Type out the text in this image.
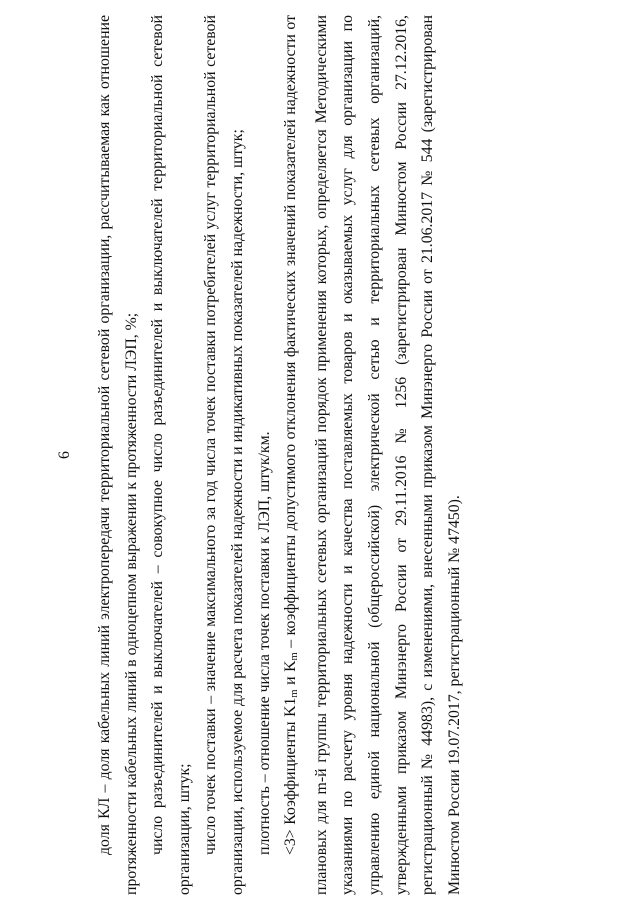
6	доля КЛ – доля кабельных линий электропередачи территориальной сетевой организации, рассчитываемая как отношение протяженности кабельных линий в одноцепном выражении к протяженности ЛЭП, %; число разъединителей и выключателей – совокупное число разъединителей и выключателей территориальной сетевой организации, штук; число точек поставки – значение максимального за год числа точек поставки потребителей услуг территориальной сетевой организации, используемое для расчета показателей надежности и индикативных показателей надежности, штук; плотность – отношение числа точек поставки к ЛЭП, штук/км. <3> Коэффициенты K1m и Km – коэффициенты допустимого отклонения фактических значений показателей надежности от плановых для m-й группы территориальных сетевых организаций порядок применения которых, определяется Методическими указаниями по расчету уровня надежности и качества поставляемых товаров и оказываемых услуг для организации по управлению единой национальной (общероссийской) электрической сетью и территориальных сетевых организаций, утвержденными приказом Минэнерго России от 29.11.2016 № 1256 (зарегистрирован Минюстом России 27.12.2016, регистрационный № 44983), с изменениями, внесенными приказом Минэнерго России от 21.06.2017 № 544 (зарегистрирован Минюстом России 19.07.2017, регистрационный № 47450).
